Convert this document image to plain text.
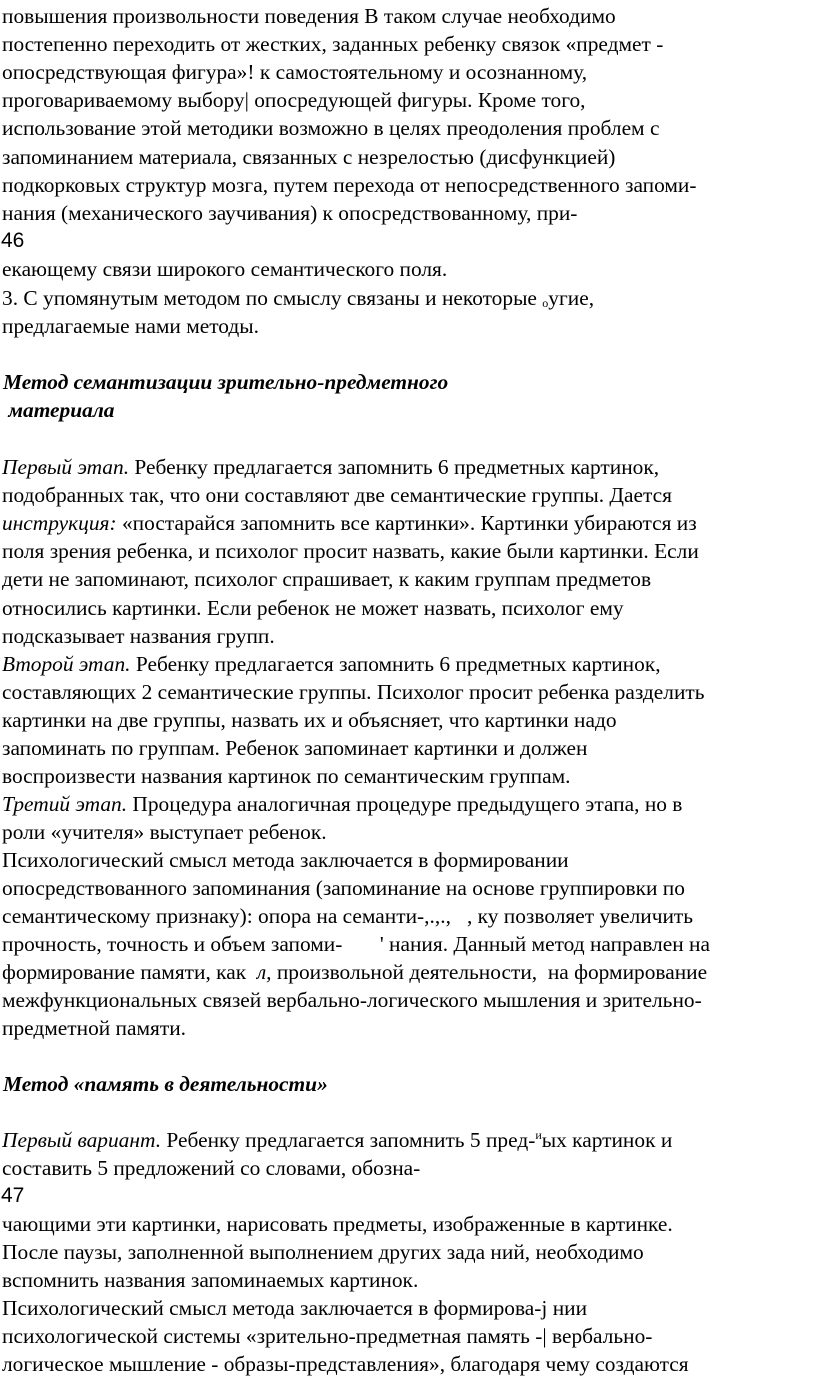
повышения произвольности поведения В таком случае необходимо
постепенно переходить от жестких, заданных ребенку связок «предмет -
опосредствующая фигура»! к самостоятельному и осознанному,
проговариваемому выбору| опосредующей фигуры. Кроме того,
использование этой методики возможно в целях преодоления проблем с
запоминанием материала, связанных с незрелостью (дисфункцией)
подкорковых структур мозга, путем перехода от непосредственного запоми-
нания (механического заучивания) к опосредствованному, при-
46
екающему связи широкого семантического поля.
3. С упомянутым методом по смыслу связаны и некоторые $_о$угие,
предлагаемые нами методы.
Метод семантизации зрительно-предметного
материала
Первый этап. Ребенку предлагается запомнить 6 предметных картинок,
подобранных так, что они составляют две семантические группы. Дается
инструкция: «постарайся запомнить все картинки». Картинки убираются из
поля зрения ребенка, и психолог просит назвать, какие были картинки. Если
дети не запоминают, психолог спрашивает, к каким группам предметов
относились картинки. Если ребенок не может назвать, психолог ему
подсказывает названия групп.
Второй этап. Ребенку предлагается запомнить 6 предметных картинок,
составляющих 2 семантические группы. Психолог просит ребенка разделить
картинки на две группы, назвать их и объясняет, что картинки надо
запоминать по группам. Ребенок запоминает картинки и должен
воспроизвести названия картинок по семантическим группам.
Третий этап. Процедура аналогичная процедуре предыдущего этапа, но в
роли «учителя» выступает ребенок.
Психологический смысл метода заключается в формировании
опосредствованного запоминания (запоминание на основе группировки по
семантическому признаку): опора на семанти-,.,.,   , ку позволяет увеличить
прочность, точность и объем запоми-       ' нания. Данный метод направлен на
формирование памяти, как  л, произвольной деятельности,  на формирование
межфункциональных связей вербально-логического мышления и зрительно-
предметной памяти.
Метод «память в деятельности»
Первый вариант. Ребенку предлагается запомнить 5 пред-$^и$ых картинок и
составить 5 предложений со словами, обозна-
47
чающими эти картинки, нарисовать предметы, изображенные в картинке.
После паузы, заполненной выполнением других зада ний, необходимо
вспомнить названия запоминаемых картинок.
Психологический смысл метода заключается в формирова-j нии
психологической системы «зрительно-предметная память -| вербально-
логическое мышление - образы-представления», благодаря чему создаются
